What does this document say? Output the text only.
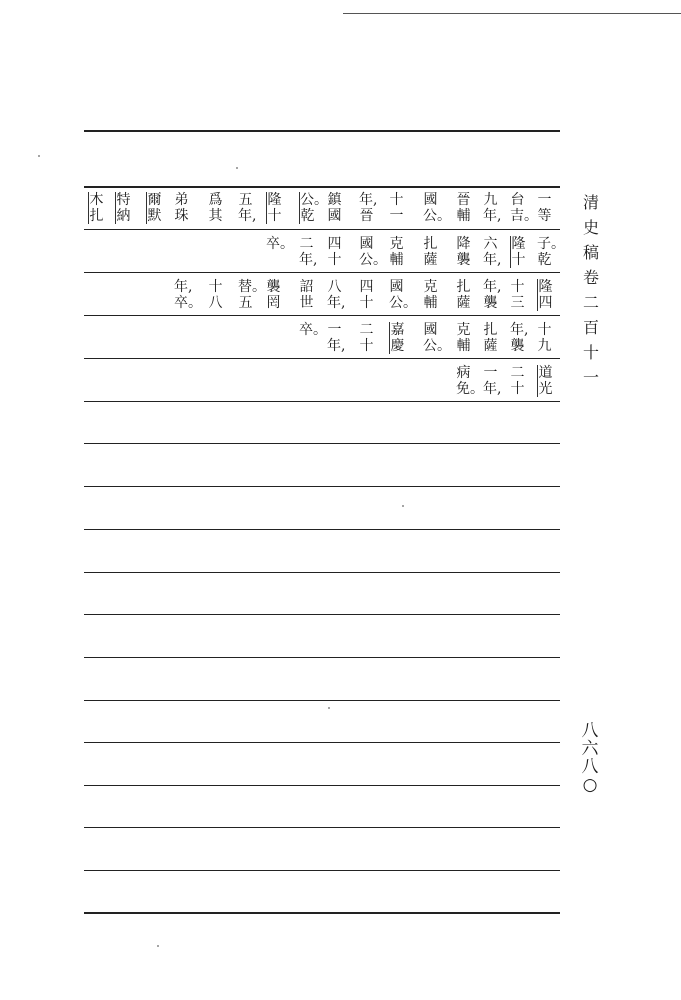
清
史
稿
卷
二
百
十
一
八
六
八
○
一
等
台
吉。
九
年,
晉
輔
國
公。
十
一
年,
晉
鎮
國
公。
乾
隆
十
五
年,
爲
其
弟
珠
爾
默
特
納
木
扎
子。
乾
隆
十
六
年,
降
襲
扎
薩
克
輔
國
公。
四
十
二
年,
卒。
隆
四
十
三
年,
襲
扎
薩
克
輔
國
公。
四
十
八
年,
詔
世
襲
罔
替。
五
十
八
年,
卒。
十
九
年,
襲
扎
薩
克
輔
國
公。
嘉
慶
二
十
一
年,
卒。
道
光
二
十
一
年,
病
免。
